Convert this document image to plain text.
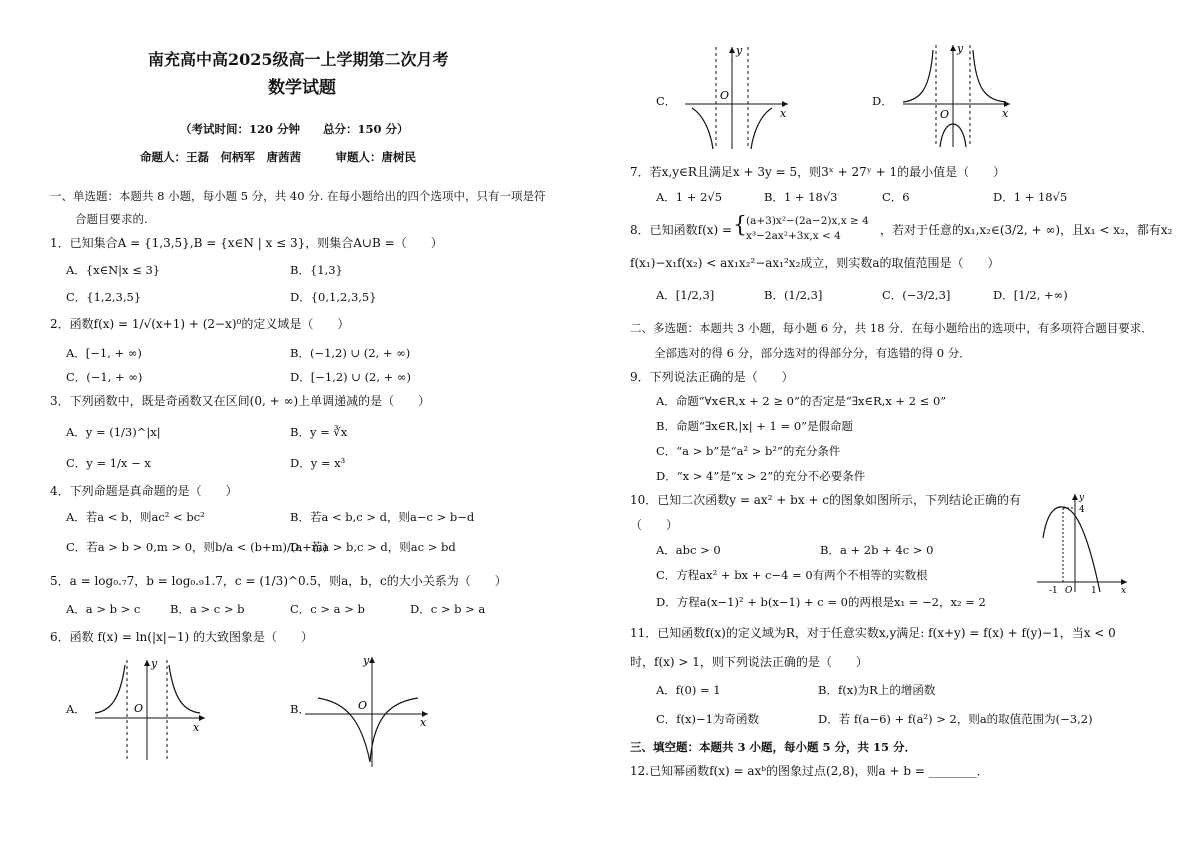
南充高中高2025级高一上学期第二次月考
数学试题
（考试时间：120 分钟　　总分：150 分）
命题人：王磊　何柄军　唐茜茜　　　审题人：唐树民
一、单选题：本题共 8 小题，每小题 5 分，共 40 分. 在每小题给出的四个选项中，只有一项是符
合题目要求的.
1．已知集合A = {1,3,5},B = {x∈N | x ≤ 3}，则集合A∪B =（　　）
A．{x∈N|x ≤ 3}	B．{1,3}
C．{1,2,3,5}	D．{0,1,2,3,5}
2．函数f(x) = 1/√(x+1) + (2−x)⁰的定义域是（　　）
A．[−1, + ∞)	B．(−1,2) ∪ (2, + ∞)
C．(−1, + ∞)	D．[−1,2) ∪ (2, + ∞)
3．下列函数中，既是奇函数又在区间(0, + ∞)上单调递减的是（　　）
A．y = (1/3)^|x|	B．y = ∛x
C．y = 1/x − x	D．y = x³
4．下列命题是真命题的是（　　）
A．若a < b，则ac² < bc²	B．若a < b,c > d，则a−c > b−d
C．若a > b > 0,m > 0，则b/a < (b+m)/(a+m)
D．若a > b,c > d，则ac > bd
5．a = log₀.₇7，b = log₀.₉1.7，c = (1/3)^0.5，则a，b，c的大小关系为（　　）
A．a > b > c	B．a > c > b	C．c > a > b	D．c > b > a
6．函数 f(x) = ln(|x|−1) 的大致图象是（　　）
A．	B．
O
x
y
O
x
y
C．	D．
O
x
y
O	x
y
7．若x,y∈R且满足x + 3y = 5，则3ˣ + 27ʸ + 1的最小值是（　　）
A．1 + 2√5	B．1 + 18√3	C．6	D．1 + 18√5
8．已知函数f(x) = { (a+3)x²−(2a−2)x,x ≥ 4
x³−2ax²+3x,x < 4	，若对于任意的x₁,x₂∈(3/2, + ∞)，且x₁ < x₂，都有x₂
f(x₁)−x₁f(x₂) < ax₁x₂²−ax₁²x₂成立，则实数a的取值范围是（　　）
A．[1/2,3]	B．(1/2,3]	C．(−3/2,3]	D．[1/2, +∞)
二、多选题：本题共 3 小题，每小题 6 分，共 18 分．在每小题给出的选项中，有多项符合题目要求．
全部选对的得 6 分，部分选对的得部分分，有选错的得 0 分．
9．下列说法正确的是（　　）
A．命题“∀x∈R,x + 2 ≥ 0”的否定是“∃x∈R,x + 2 ≤ 0”
B．命题“∃x∈R,|x| + 1 = 0”是假命题
C．“a > b”是“a² > b²”的充分条件
D．“x > 4”是“x > 2”的充分不必要条件
10．已知二次函数y = ax² + bx + c的图象如图所示，下列结论正确的有
（　　）
A．abc > 0	B．a + 2b + 4c > 0
C．方程ax² + bx + c−4 = 0有两个不相等的实数根
D．方程a(x−1)² + b(x−1) + c = 0的两根是x₁ = −2，x₂ = 2
4
-1 O 1	x
y
11．已知函数f(x)的定义域为R，对于任意实数x,y满足: f(x+y) = f(x) + f(y)−1，当x < 0
时，f(x) > 1，则下列说法正确的是（　　）
A．f(0) = 1	B．f(x)为R上的增函数
C．f(x)−1为奇函数	D．若 f(a−6) + f(a²) > 2，则a的取值范围为(−3,2)
三、填空题：本题共 3 小题，每小题 5 分，共 15 分．
12.已知幂函数f(x) = axᵇ的图象过点(2,8)，则a + b = ________．
